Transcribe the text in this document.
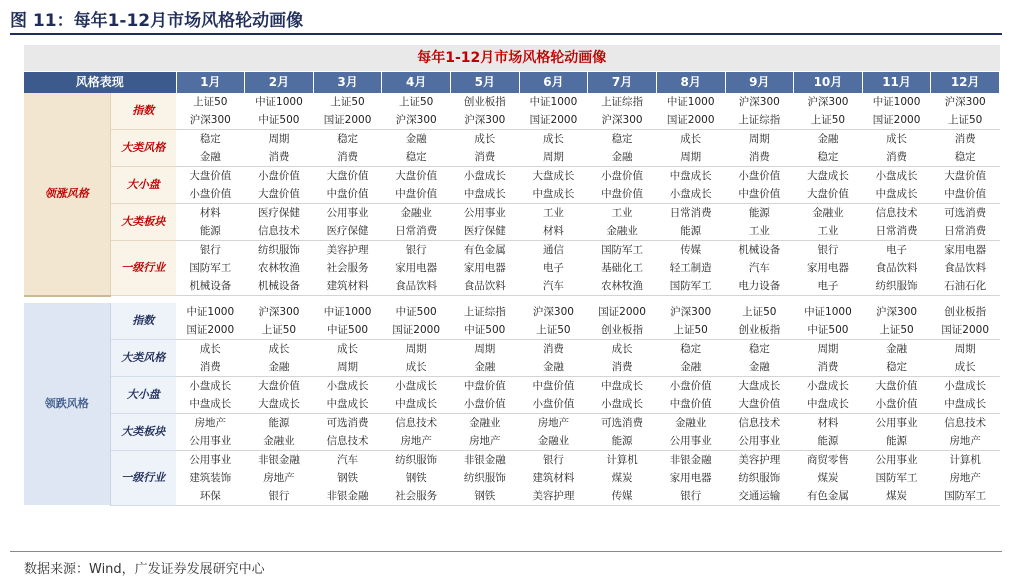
图 11：每年1-12月市场风格轮动画像
每年1-12月市场风格轮动画像													
风格表现		1月	2月	3月	4月	5月	6月	7月	8月	9月	10月	11月	12月
领涨风格	指数	上证50	中证1000	上证50	上证50	创业板指	中证1000	上证综指	中证1000	沪深300	沪深300	中证1000	沪深300
		沪深300	中证500	国证2000	沪深300	沪深300	国证2000	沪深300	国证2000	上证综指	上证50	国证2000	上证50
	大类风格	稳定	周期	稳定	金融	成长	成长	稳定	成长	周期	金融	成长	消费
		金融	消费	消费	稳定	消费	周期	金融	周期	消费	稳定	消费	稳定
	大小盘	大盘价值	小盘价值	大盘价值	大盘价值	小盘成长	大盘成长	小盘价值	中盘成长	小盘价值	大盘成长	小盘成长	大盘价值
		小盘价值	大盘价值	中盘价值	中盘价值	中盘成长	中盘成长	中盘价值	小盘成长	中盘价值	大盘价值	中盘成长	中盘价值
	大类板块	材料	医疗保健	公用事业	金融业	公用事业	工业	工业	日常消费	能源	金融业	信息技术	可选消费
		能源	信息技术	医疗保健	日常消费	医疗保健	材料	金融业	能源	工业	工业	日常消费	日常消费
	一级行业	银行	纺织服饰	美容护理	银行	有色金属	通信	国防军工	传媒	机械设备	银行	电子	家用电器
		国防军工	农林牧渔	社会服务	家用电器	家用电器	电子	基础化工	轻工制造	汽车	家用电器	食品饮料	食品饮料
		机械设备	机械设备	建筑材料	食品饮料	食品饮料	汽车	农林牧渔	国防军工	电力设备	电子	纺织服饰	石油石化

领跌风格	指数	中证1000	沪深300	中证1000	中证500	上证综指	沪深300	国证2000	沪深300	上证50	中证1000	沪深300	创业板指
		国证2000	上证50	中证500	国证2000	中证500	上证50	创业板指	上证50	创业板指	中证500	上证50	国证2000
	大类风格	成长	成长	成长	周期	周期	消费	成长	稳定	稳定	周期	金融	周期
		消费	金融	周期	成长	金融	金融	消费	金融	金融	消费	稳定	成长
	大小盘	小盘成长	大盘价值	小盘成长	小盘成长	中盘价值	中盘价值	中盘成长	小盘价值	大盘成长	小盘成长	大盘价值	小盘成长
		中盘成长	大盘成长	中盘成长	中盘成长	小盘价值	小盘价值	小盘成长	中盘价值	大盘价值	中盘成长	小盘价值	中盘成长
	大类板块	房地产	能源	可选消费	信息技术	金融业	房地产	可选消费	金融业	信息技术	材料	公用事业	信息技术
		公用事业	金融业	信息技术	房地产	房地产	金融业	能源	公用事业	公用事业	能源	能源	房地产
	一级行业	公用事业	非银金融	汽车	纺织服饰	非银金融	银行	计算机	非银金融	美容护理	商贸零售	公用事业	计算机
		建筑装饰	房地产	钢铁	钢铁	纺织服饰	建筑材料	煤炭	家用电器	纺织服饰	煤炭	国防军工	房地产
		环保	银行	非银金融	社会服务	钢铁	美容护理	传媒	银行	交通运输	有色金属	煤炭	国防军工
数据来源：Wind，广发证券发展研究中心
